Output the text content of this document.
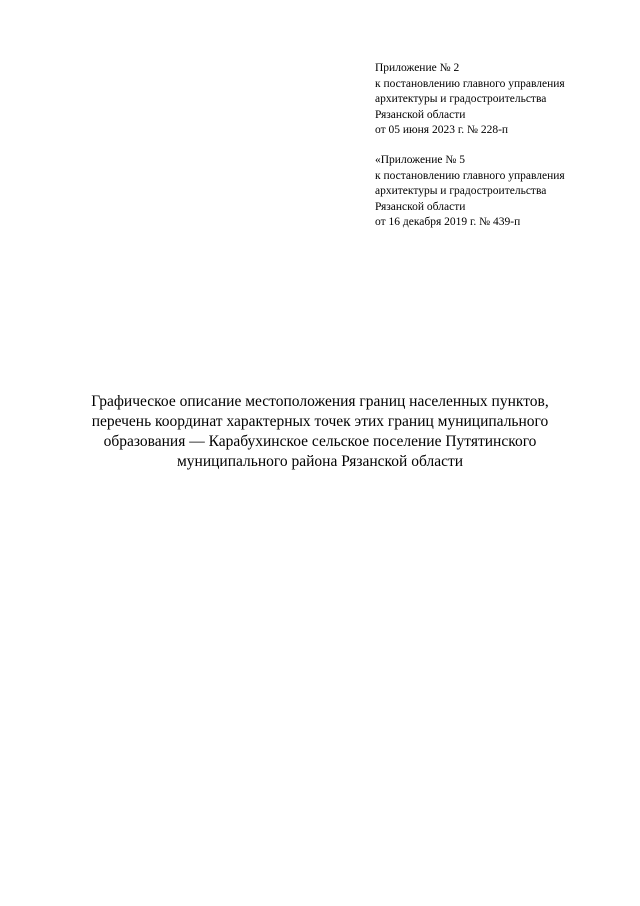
Приложение № 2
к постановлению главного управления
архитектуры и градостроительства
Рязанской области
от 05 июня 2023 г. № 228-п
«Приложение № 5
к постановлению главного управления
архитектуры и градостроительства
Рязанской области
от 16 декабря 2019 г. № 439-п
Графическое описание местоположения границ населенных пунктов,
перечень координат характерных точек этих границ муниципального
образования — Карабухинское сельское поселение Путятинского
муниципального района Рязанской области
